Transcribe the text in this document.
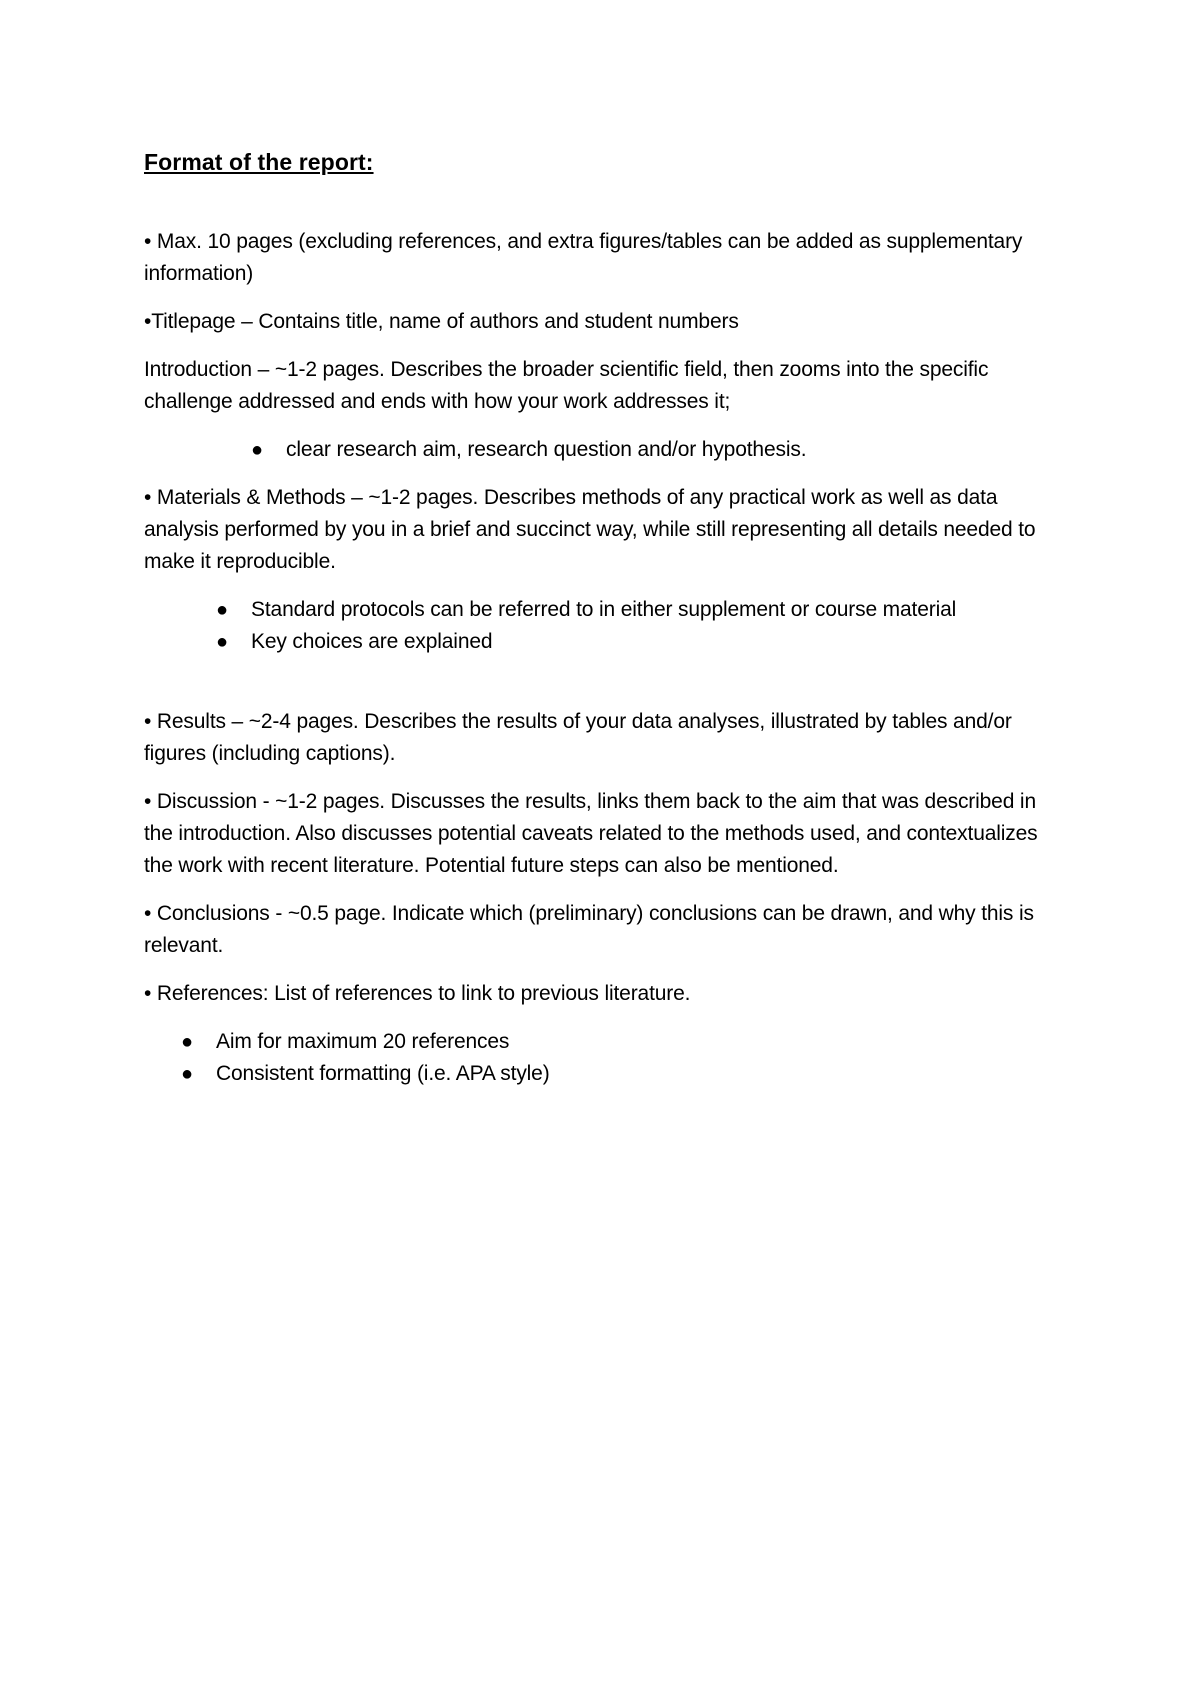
Format of the report:

• Max. 10 pages (excluding references, and extra figures/tables can be added as supplementary information)

•Titlepage – Contains title, name of authors and student numbers

Introduction – ~1-2 pages. Describes the broader scientific field, then zooms into the specific challenge addressed and ends with how your work addresses it;

● clear research aim, research question and/or hypothesis.

• Materials & Methods – ~1-2 pages. Describes methods of any practical work as well as data analysis performed by you in a brief and succinct way, while still representing all details needed to make it reproducible.

● Standard protocols can be referred to in either supplement or course material
● Key choices are explained

• Results – ~2-4 pages. Describes the results of your data analyses, illustrated by tables and/or figures (including captions).

• Discussion - ~1-2 pages. Discusses the results, links them back to the aim that was described in the introduction. Also discusses potential caveats related to the methods used, and contextualizes the work with recent literature. Potential future steps can also be mentioned.

• Conclusions - ~0.5 page. Indicate which (preliminary) conclusions can be drawn, and why this is relevant.

• References: List of references to link to previous literature.

● Aim for maximum 20 references
● Consistent formatting (i.e. APA style)
